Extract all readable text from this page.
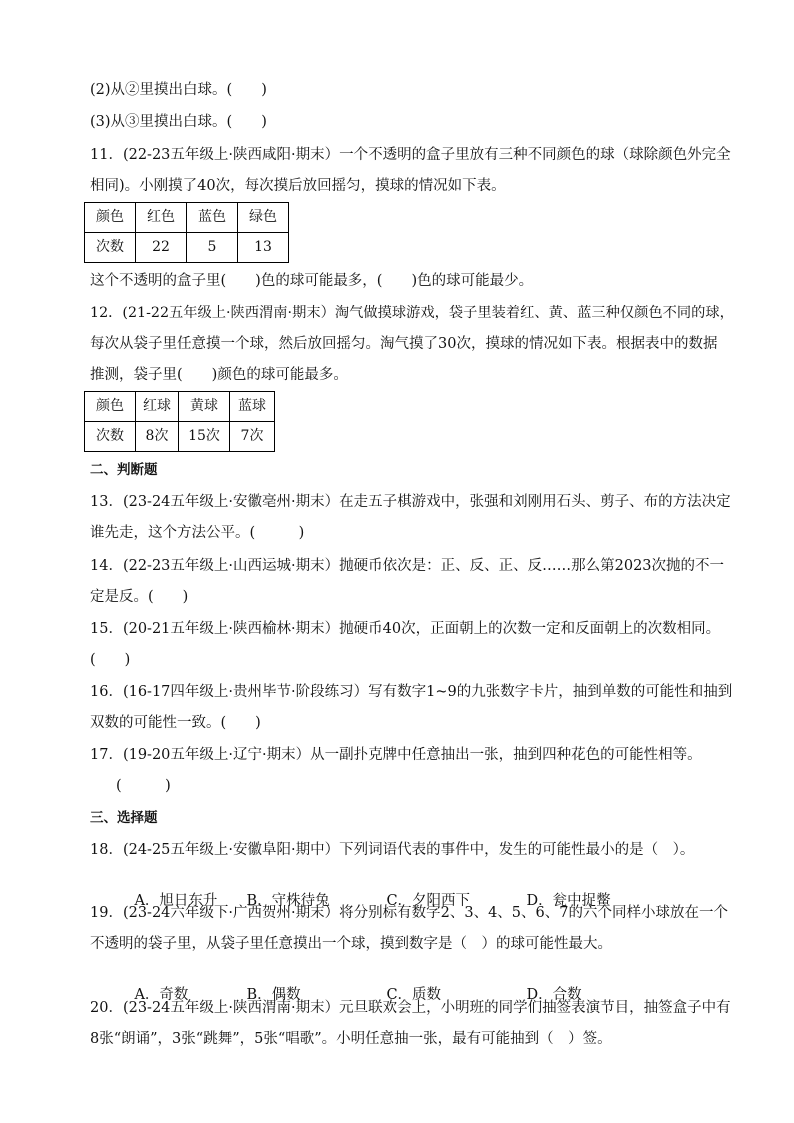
(2)从②里摸出白球。(　　)
(3)从③里摸出白球。(　　)
11．(22-23五年级上·陕西咸阳·期末）一个不透明的盒子里放有三种不同颜色的球（球除颜色外完全
相同)。小刚摸了40次，每次摸后放回摇匀，摸球的情况如下表。
颜色	红色	蓝色	绿色
次数	22	5	13
这个不透明的盒子里(　　)色的球可能最多，(　　)色的球可能最少。
12．(21-22五年级上·陕西渭南·期末）淘气做摸球游戏，袋子里装着红、黄、蓝三种仅颜色不同的球，
每次从袋子里任意摸一个球，然后放回摇匀。淘气摸了30次，摸球的情况如下表。根据表中的数据
推测，袋子里(　　)颜色的球可能最多。
颜色	红球	黄球	蓝球
次数	8次	15次	7次
二、判断题
13．(23-24五年级上·安徽亳州·期末）在走五子棋游戏中，张强和刘刚用石头、剪子、布的方法决定
谁先走，这个方法公平。(　　　)
14．(22-23五年级上·山西运城·期末）抛硬币依次是：正、反、正、反……那么第2023次抛的不一
定是反。(　　)
15．(20-21五年级上·陕西榆林·期末）抛硬币40次，正面朝上的次数一定和反面朝上的次数相同。
(　　)
16．(16-17四年级上·贵州毕节·阶段练习）写有数字1~9的九张数字卡片，抽到单数的可能性和抽到
双数的可能性一致。(　　)
17．(19-20五年级上·辽宁·期末）从一副扑克牌中任意抽出一张，抽到四种花色的可能性相等。
(　　　)
三、选择题
18．(24-25五年级上·安徽阜阳·期中）下列词语代表的事件中，发生的可能性最小的是（　）。

A．旭日东升 B．守株待兔	C．夕阳西下	D．瓮中捉鳖

19．(23-24六年级下·广西贺州·期末）将分别标有数字2、3、4、5、6、7的六个同样小球放在一个
不透明的袋子里，从袋子里任意摸出一个球，摸到数字是（　）的球可能性最大。

A．奇数	B．偶数	C．质数	D．合数

20．(23-24五年级上·陕西渭南·期末）元旦联欢会上，小明班的同学们抽签表演节目，抽签盒子中有
8张“朗诵”，3张“跳舞”，5张“唱歌”。小明任意抽一张，最有可能抽到（　）签。
